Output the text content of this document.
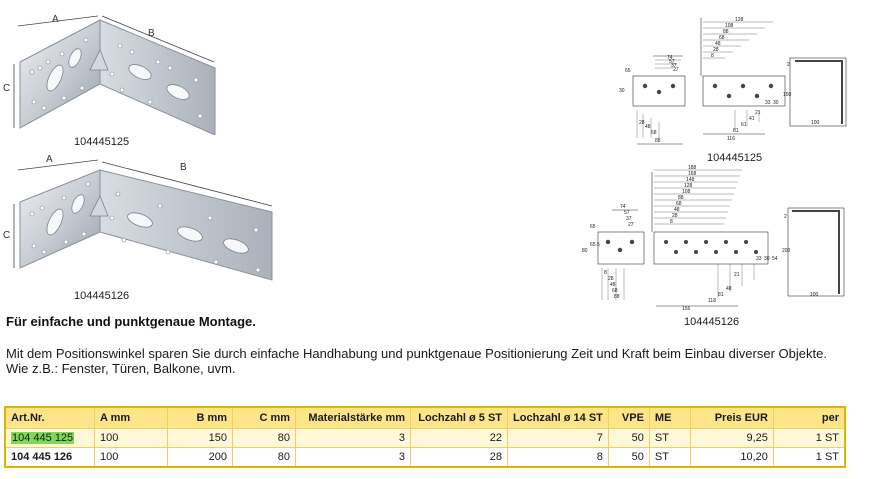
A
B
C
104445125
A
B
C
104445126
128
108
88
68
48
28
8
74
57
37
27
65
30
28
48
68
88	116
81
61
41
21
33 30
2
150
100
104445125
188
168
148
128
108
88
68
48
28
8
74
57
37
27
65
65.5
80
8
28
48
68
88
155
118
81
48
21
33 30 54
2
200
100
104445126
Für einfache und punktgenaue Montage.
Mit dem Positionswinkel sparen Sie durch einfache Handhabung und punktgenaue Positionierung Zeit und Kraft beim Einbau diverser Objekte.
Wie z.B.: Fenster, Türen, Balkone, uvm.
Art.Nr.	A mm	B mm	C mm	Materialstärke mm	Lochzahl ø 5 ST	Lochzahl ø 14 ST	VPE	ME	Preis EUR	per
104 445 125	100	150	80	3	22	7	50	ST	9,25	1 ST
104 445 126	100	200	80	3	28	8	50	ST	10,20	1 ST
